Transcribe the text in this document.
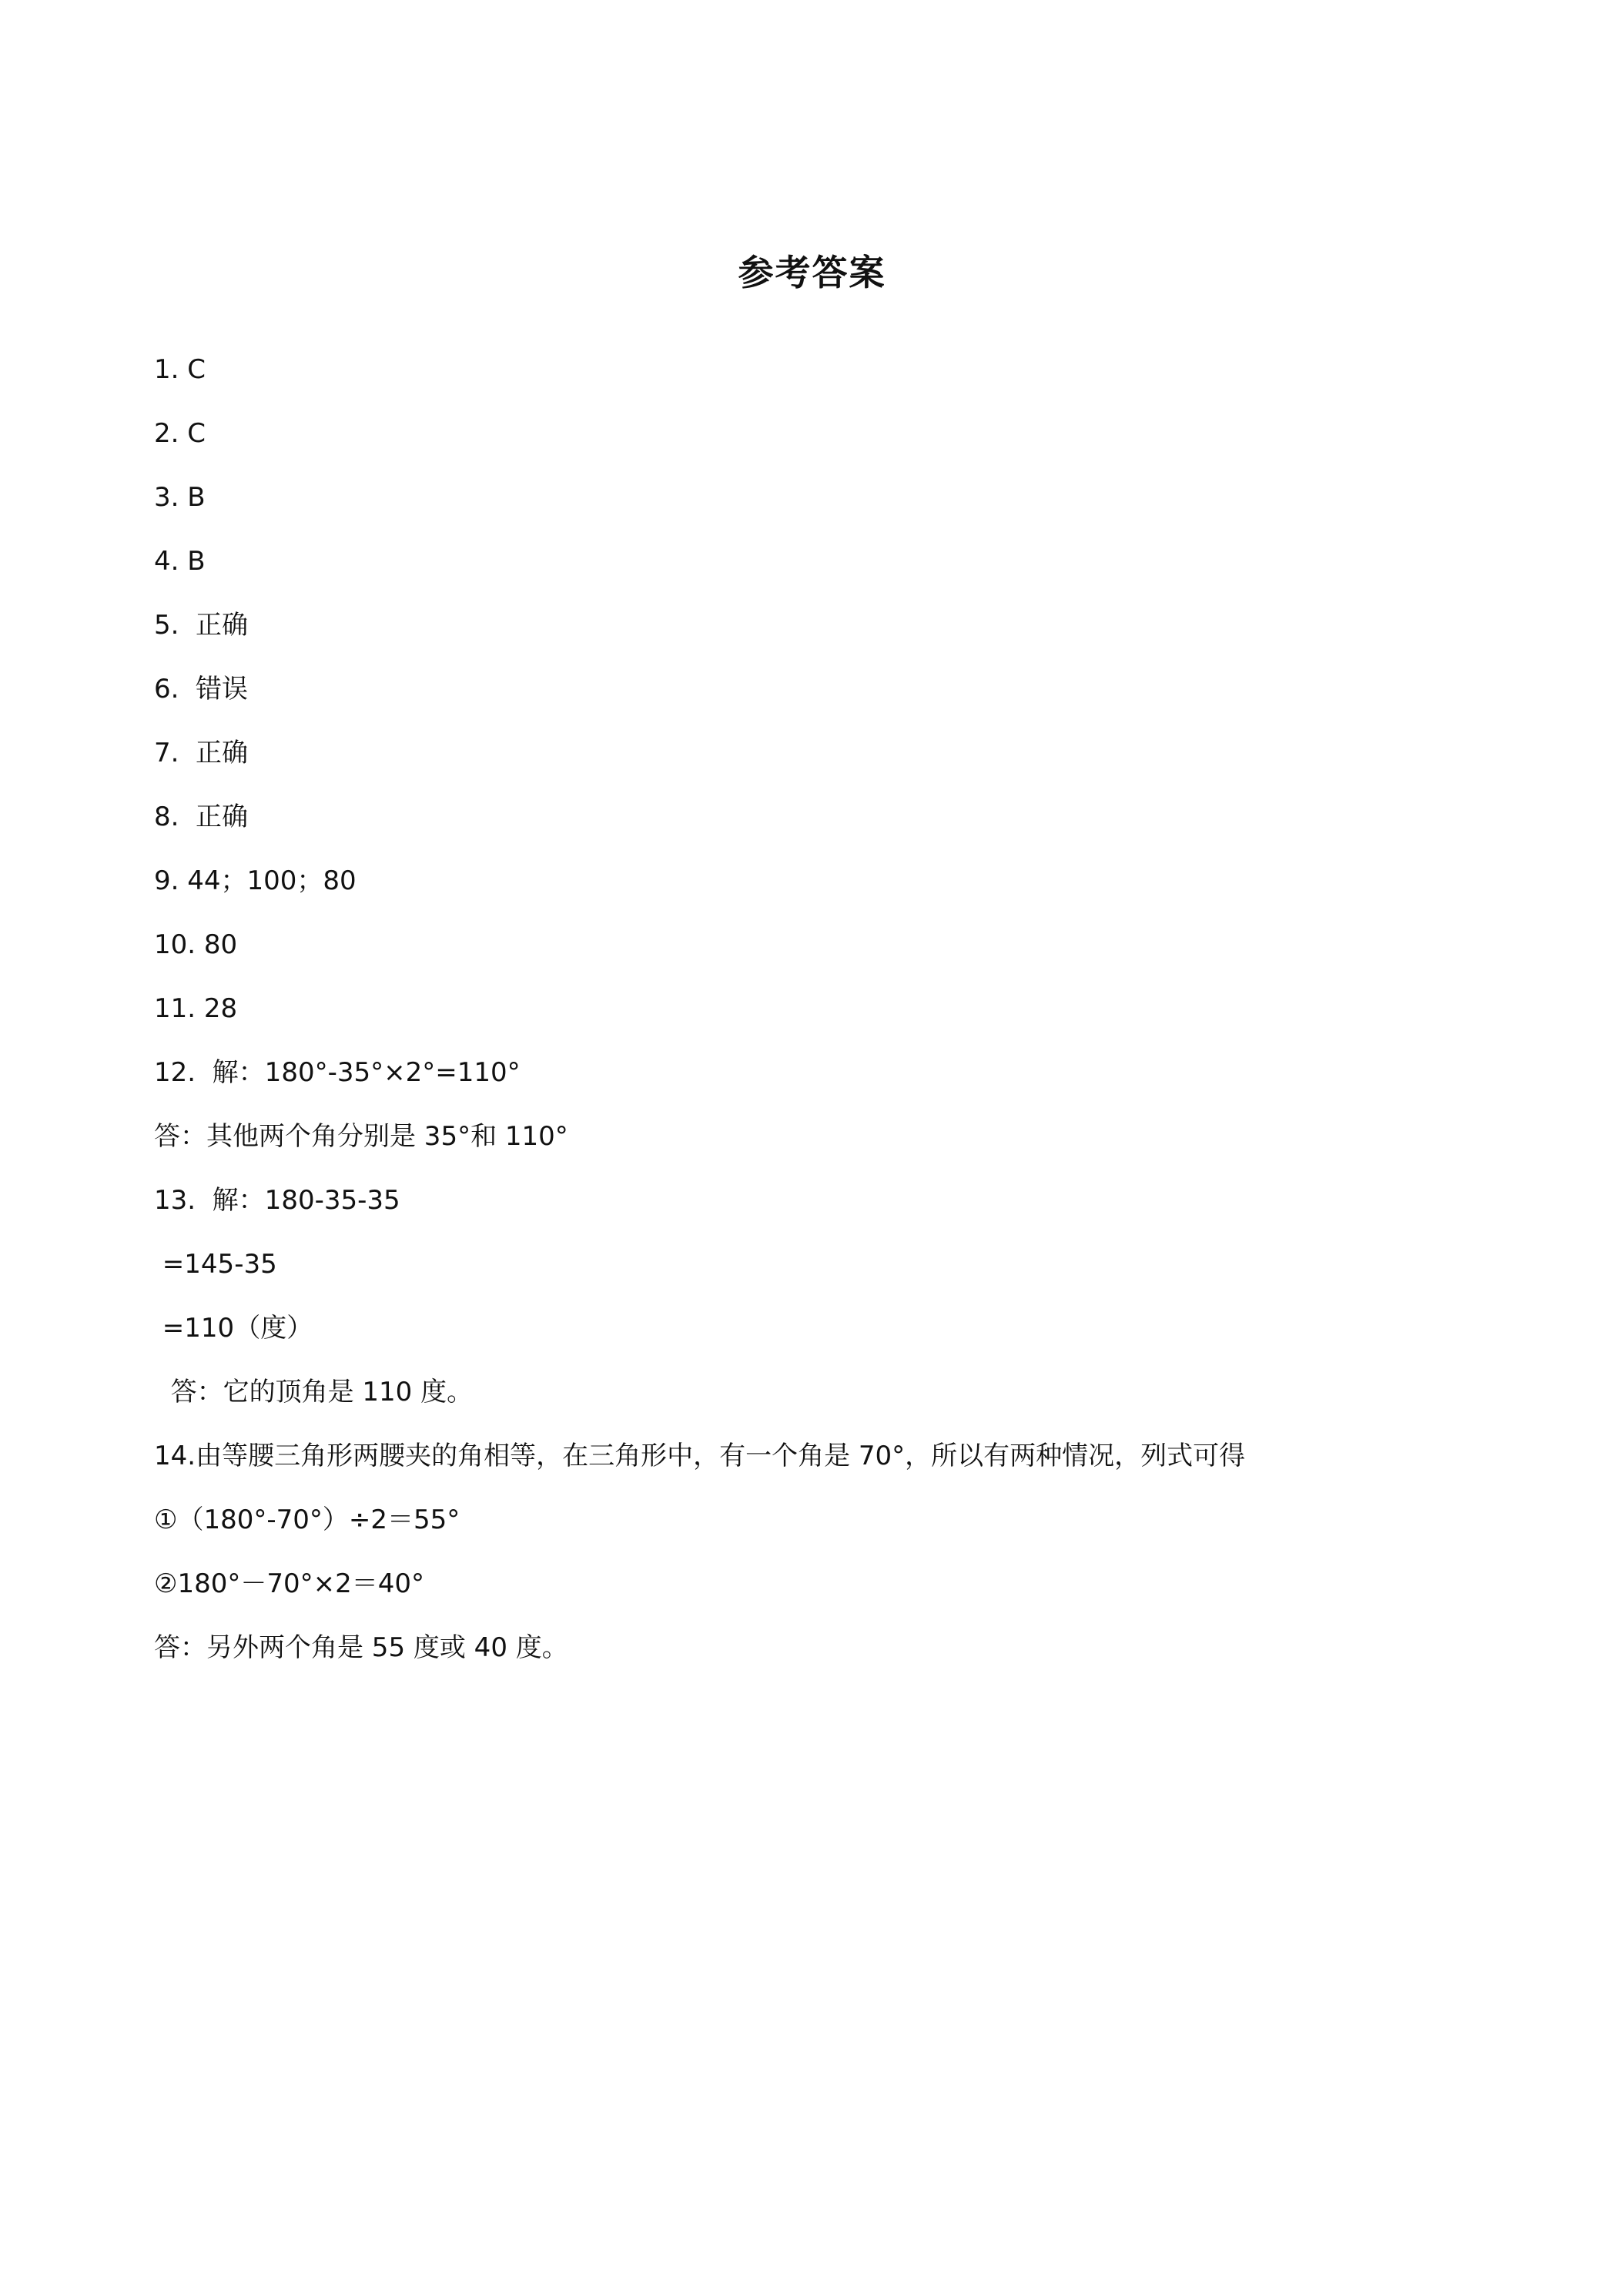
参考答案
1. C
2. C
3. B
4. B
5.  正确
6.  错误
7.  正确
8.  正确
9. 44；100；80
10. 80
11. 28
12.  解：180°-35°×2°=110°
答：其他两个角分别是 35°和 110°
13.  解：180-35-35
=145-35
=110（度）
答：它的顶角是 110 度。
14.由等腰三角形两腰夹的角相等，在三角形中，有一个角是 70°，所以有两种情况，列式可得
①（180°-70°）÷2＝55°
②180°－70°×2＝40°
答：另外两个角是 55 度或 40 度。
